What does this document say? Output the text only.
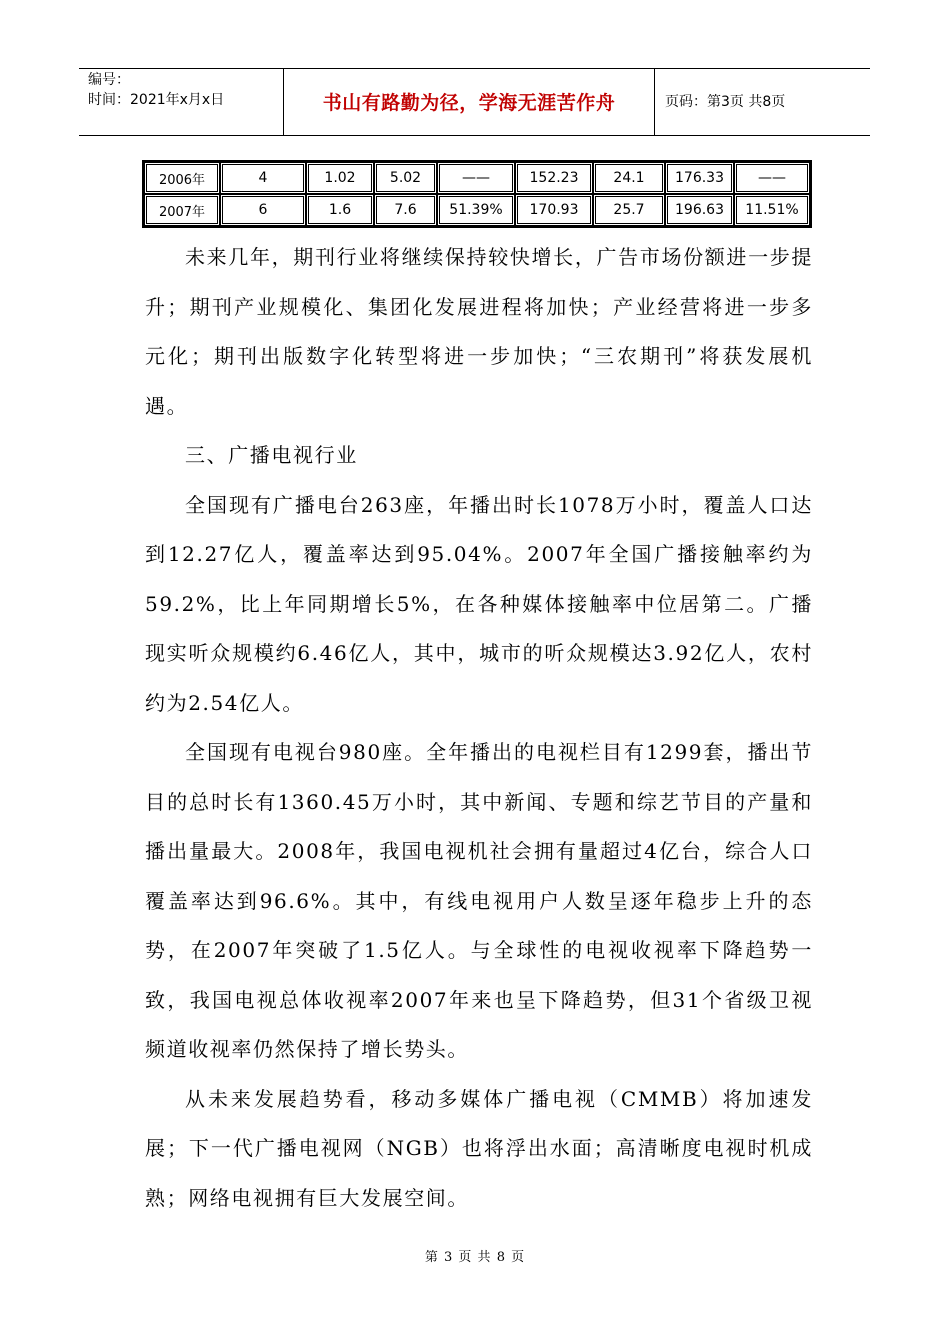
编号：
时间：2021年x月x日	书山有路勤为径，学海无涯苦作舟	页码：第3页 共8页
2006年	4	1.02	5.02	——	152.23	24.1	176.33	——
2007年	6	1.6	7.6	51.39%	170.93	25.7	196.63	11.51%

未来几年，期刊行业将继续保持较快增长，广告市场份额进一步提升；期刊产业规模化、集团化发展进程将加快；产业经营将进一步多元化；期刊出版数字化转型将进一步加快；“三农期刊”将获发展机遇。

三、广播电视行业

全国现有广播电台263座，年播出时长1078万小时，覆盖人口达到12.27亿人，覆盖率达到95.04%。2007年全国广播接触率约为59.2%，比上年同期增长5%，在各种媒体接触率中位居第二。广播现实听众规模约6.46亿人，其中，城市的听众规模达3.92亿人，农村约为2.54亿人。

全国现有电视台980座。全年播出的电视栏目有1299套，播出节目的总时长有1360.45万小时，其中新闻、专题和综艺节目的产量和播出量最大。2008年，我国电视机社会拥有量超过4亿台，综合人口覆盖率达到96.6%。其中，有线电视用户人数呈逐年稳步上升的态势，在2007年突破了1.5亿人。与全球性的电视收视率下降趋势一致，我国电视总体收视率2007年来也呈下降趋势，但31个省级卫视频道收视率仍然保持了增长势头。

从未来发展趋势看，移动多媒体广播电视（CMMB）将加速发展；下一代广播电视网（NGB）也将浮出水面；高清晰度电视时机成熟；网络电视拥有巨大发展空间。

第 3 页 共 8 页
